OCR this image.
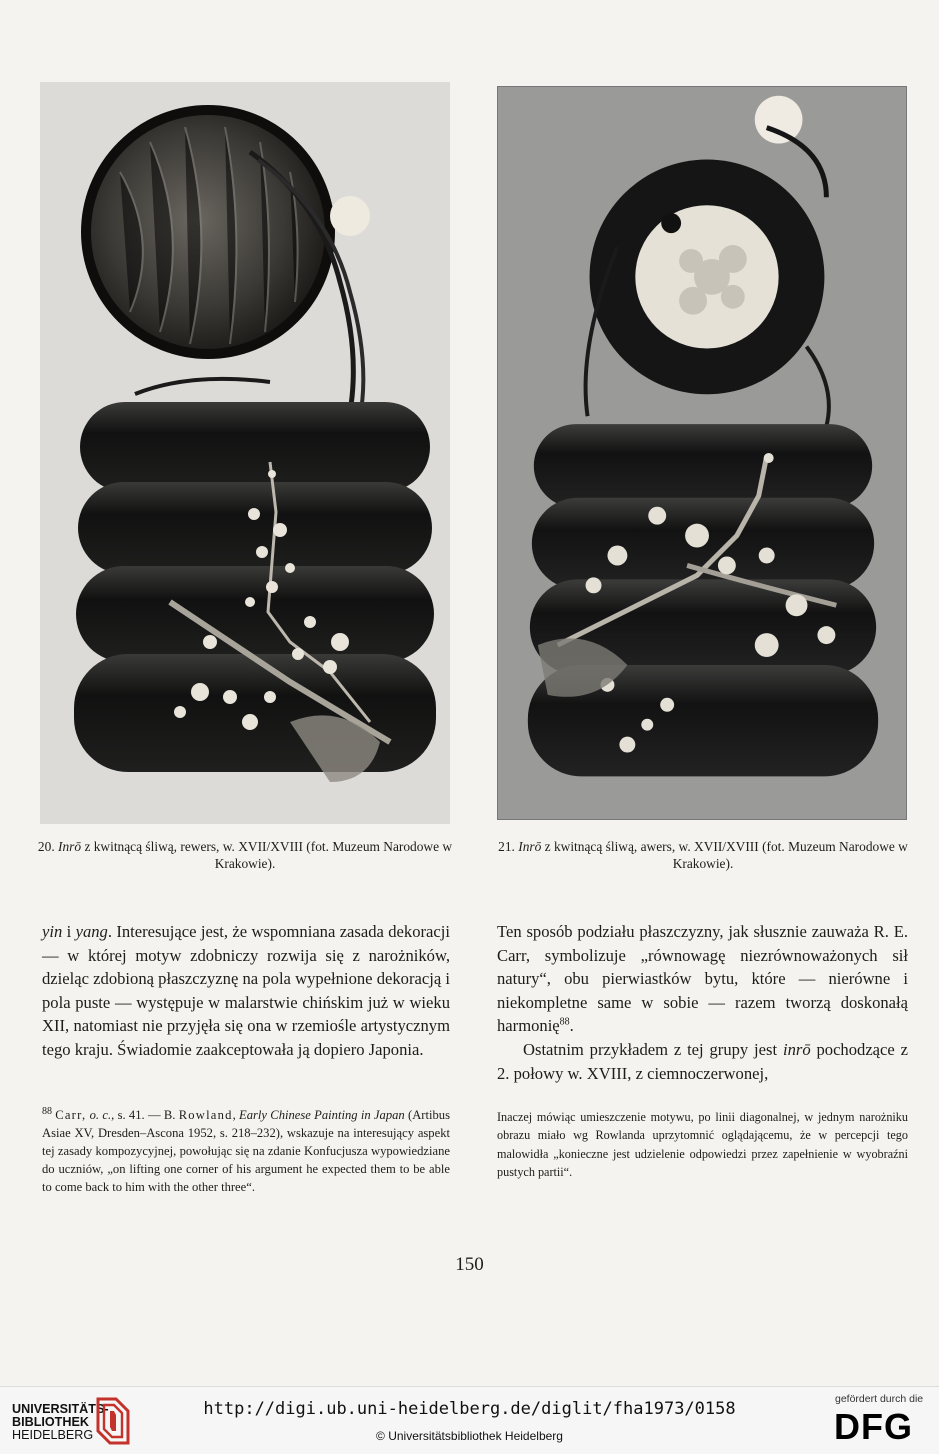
20. Inrō z kwitnącą śliwą, rewers, w. XVII/XVIII (fot. Muzeum Narodowe w Krakowie).
21. Inrō z kwitnącą śliwą, awers, w. XVII/XVIII (fot. Muzeum Narodowe w Krakowie).

yin i yang. Interesujące jest, że wspomniana zasada dekoracji — w której motyw zdobniczy rozwija się z narożników, dzieląc zdobioną płaszczyznę na pola wypełnione dekoracją i pola puste — występuje w malarstwie chińskim już w wieku XII, natomiast nie przyjęła się ona w rzemiośle artystycznym tego kraju. Świadomie zaakceptowała ją dopiero Japonia.

Ten sposób podziału płaszczyzny, jak słusznie zauważa R. E. Carr, symbolizuje „równowagę niezrównoważonych sił natury“, obu pierwiastków bytu, które — nierówne i niekompletne same w sobie — razem tworzą doskonałą harmonię$^{88}$.

Ostatnim przykładem z tej grupy jest inrō pochodzące z 2. połowy w. XVIII, z ciemnoczerwonej,

$^{88}$ Carr, o. c., s. 41. — B. Rowland, Early Chinese Painting in Japan (Artibus Asiae XV, Dresden–Ascona 1952, s. 218–232), wskazuje na interesujący aspekt tej zasady kompozycyjnej, powołując się na zdanie Konfucjusza wypowiedziane do uczniów, „on lifting one corner of his argument he expected them to be able to come back to him with the other three“.
Inaczej mówiąc umieszczenie motywu, po linii diagonalnej, w jednym narożniku obrazu miało wg Rowlanda uprzytomnić oglądającemu, że w percepcji tego malowidła „konieczne jest udzielenie odpowiedzi przez zapełnienie w wyobraźni pustych partii“.
150
UNIVERSITÄTS-
BIBLIOTHEK
HEIDELBERG
http://digi.ub.uni-heidelberg.de/diglit/fha1973/0158
© Universitätsbibliothek Heidelberg
gefördert durch die
DFG
